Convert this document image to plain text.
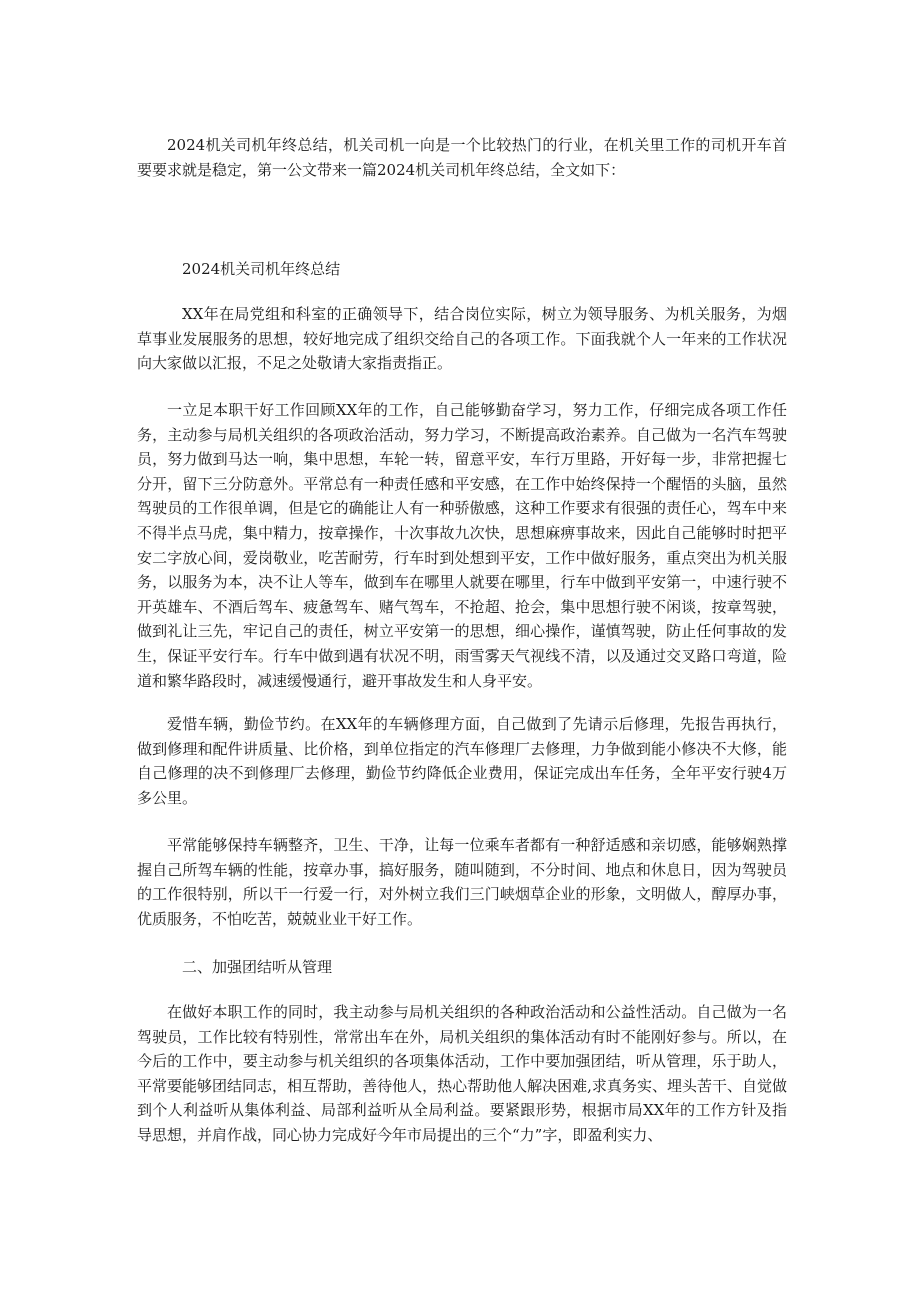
2024机关司机年终总结，机关司机一向是一个比较热门的行业，在机关里工作的司机开车首要要求就是稳定，第一公文带来一篇2024机关司机年终总结，全文如下：

2024机关司机年终总结

XX年在局党组和科室的正确领导下，结合岗位实际，树立为领导服务、为机关服务，为烟草事业发展服务的思想，较好地完成了组织交给自己的各项工作。下面我就个人一年来的工作状况向大家做以汇报，不足之处敬请大家指责指正。

一立足本职干好工作回顾XX年的工作，自己能够勤奋学习，努力工作，仔细完成各项工作任务，主动参与局机关组织的各项政治活动，努力学习，不断提高政治素养。自己做为一名汽车驾驶员，努力做到马达一响，集中思想，车轮一转，留意平安，车行万里路，开好每一步，非常把握七分开，留下三分防意外。平常总有一种责任感和平安感，在工作中始终保持一个醒悟的头脑，虽然驾驶员的工作很单调，但是它的确能让人有一种骄傲感，这种工作要求有很强的责任心，驾车中来不得半点马虎，集中精力，按章操作，十次事故九次快，思想麻痹事故来，因此自己能够时时把平安二字放心间，爱岗敬业，吃苦耐劳，行车时到处想到平安，工作中做好服务，重点突出为机关服务，以服务为本，决不让人等车，做到车在哪里人就要在哪里，行车中做到平安第一，中速行驶不开英雄车、不酒后驾车、疲惫驾车、赌气驾车，不抢超、抢会，集中思想行驶不闲谈，按章驾驶，做到礼让三先，牢记自己的责任，树立平安第一的思想，细心操作，谨慎驾驶，防止任何事故的发生，保证平安行车。行车中做到遇有状况不明，雨雪雾天气视线不清，以及通过交叉路口弯道，险道和繁华路段时，减速缓慢通行，避开事故发生和人身平安。

爱惜车辆，勤俭节约。在XX年的车辆修理方面，自己做到了先请示后修理，先报告再执行，做到修理和配件讲质量、比价格，到单位指定的汽车修理厂去修理，力争做到能小修决不大修，能自己修理的决不到修理厂去修理，勤俭节约降低企业费用，保证完成出车任务，全年平安行驶4万多公里。

平常能够保持车辆整齐，卫生、干净，让每一位乘车者都有一种舒适感和亲切感，能够娴熟撑握自己所驾车辆的性能，按章办事，搞好服务，随叫随到，不分时间、地点和休息日，因为驾驶员的工作很特别，所以干一行爱一行，对外树立我们三门峡烟草企业的形象，文明做人，醇厚办事，优质服务，不怕吃苦，兢兢业业干好工作。

二、加强团结听从管理

在做好本职工作的同时，我主动参与局机关组织的各种政治活动和公益性活动。自己做为一名驾驶员，工作比较有特别性，常常出车在外，局机关组织的集体活动有时不能刚好参与。所以，在今后的工作中，要主动参与机关组织的各项集体活动，工作中要加强团结，听从管理，乐于助人，平常要能够团结同志，相互帮助，善待他人，热心帮助他人解决困难,求真务实、埋头苦干、自觉做到个人利益听从集体利益、局部利益听从全局利益。要紧跟形势，根据市局XX年的工作方针及指导思想，并肩作战，同心协力完成好今年市局提出的三个“力”字，即盈利实力、
